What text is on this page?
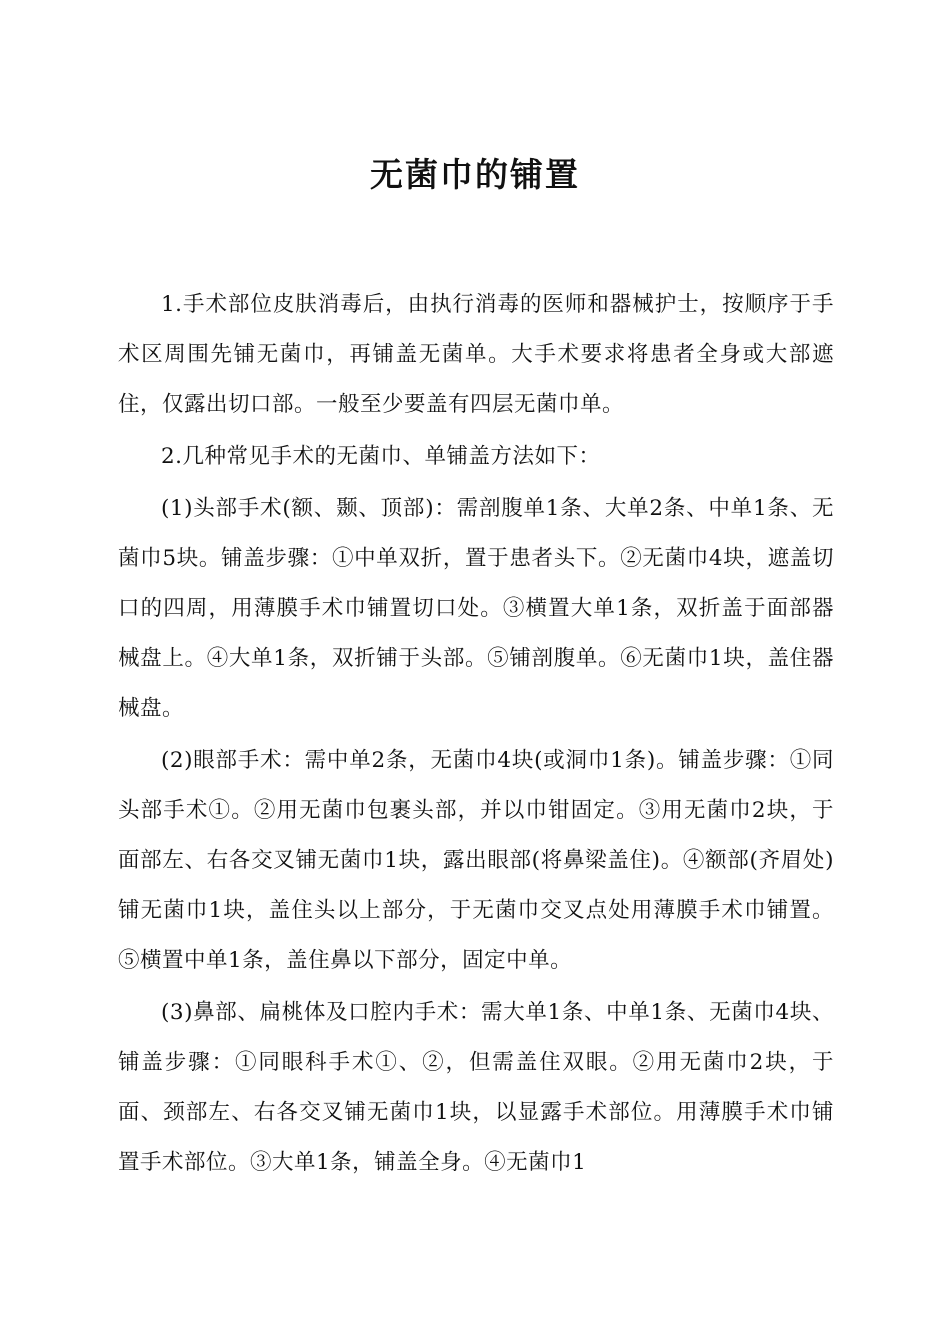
无菌巾的铺置

1.手术部位皮肤消毒后，由执行消毒的医师和器械护士，按顺序于手术区周围先铺无菌巾，再铺盖无菌单。大手术要求将患者全身或大部遮住，仅露出切口部。一般至少要盖有四层无菌巾单。

2.几种常见手术的无菌巾、单铺盖方法如下：

(1)头部手术(额、颞、顶部)：需剖腹单1条、大单2条、中单1条、无菌巾5块。铺盖步骤：①中单双折，置于患者头下。②无菌巾4块，遮盖切口的四周，用薄膜手术巾铺置切口处。③横置大单1条，双折盖于面部器械盘上。④大单1条，双折铺于头部。⑤铺剖腹单。⑥无菌巾1块，盖住器械盘。

(2)眼部手术：需中单2条，无菌巾4块(或洞巾1条)。铺盖步骤：①同头部手术①。②用无菌巾包裹头部，并以巾钳固定。③用无菌巾2块，于面部左、右各交叉铺无菌巾1块，露出眼部(将鼻梁盖住)。④额部(齐眉处)铺无菌巾1块，盖住头以上部分，于无菌巾交叉点处用薄膜手术巾铺置。⑤横置中单1条，盖住鼻以下部分，固定中单。

(3)鼻部、扁桃体及口腔内手术：需大单1条、中单1条、无菌巾4块、铺盖步骤：①同眼科手术①、②，但需盖住双眼。②用无菌巾2块，于面、颈部左、右各交叉铺无菌巾1块，以显露手术部位。用薄膜手术巾铺置手术部位。③大单1条，铺盖全身。④无菌巾1
